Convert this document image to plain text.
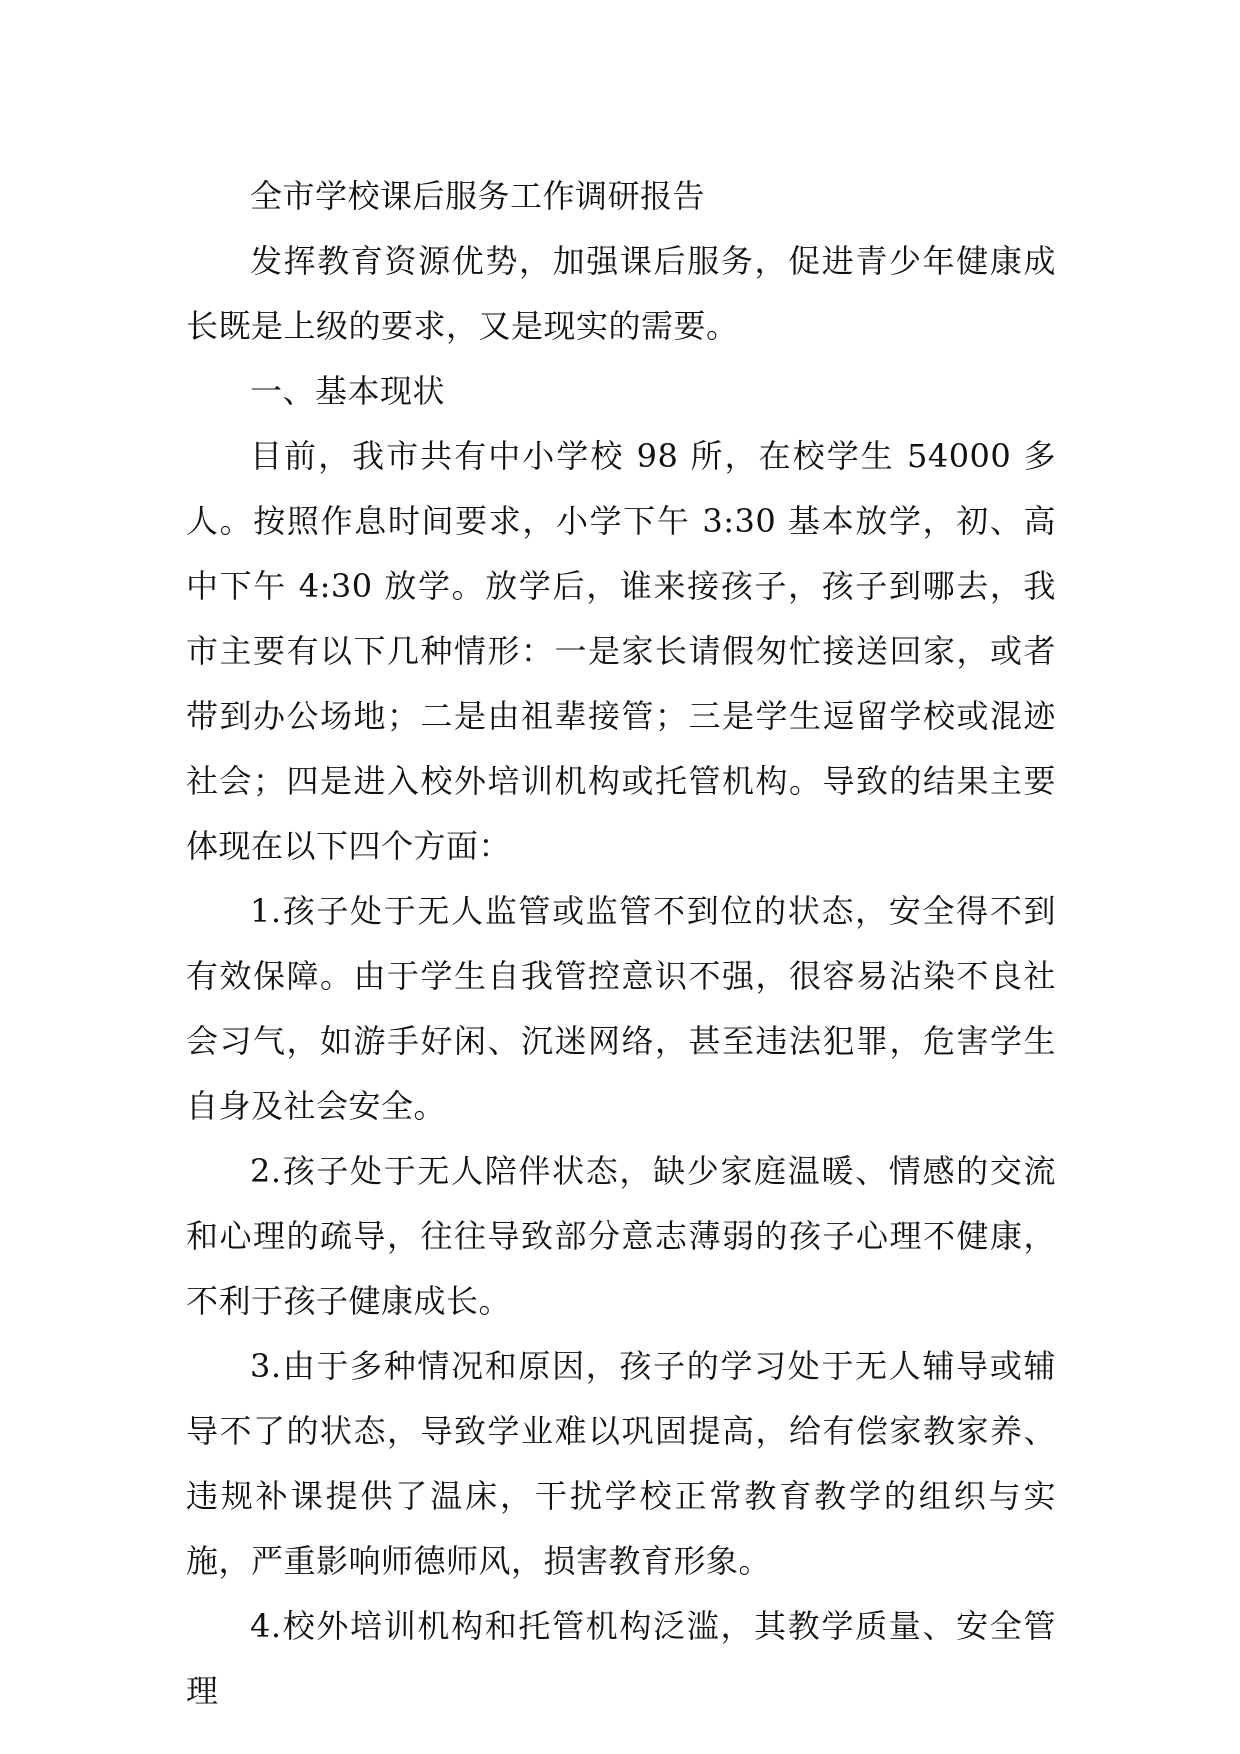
全市学校课后服务工作调研报告

发挥教育资源优势，加强课后服务，促进青少年健康成长既是上级的要求，又是现实的需要。

一、基本现状

目前，我市共有中小学校 98 所，在校学生 54000 多人。按照作息时间要求，小学下午 3:30 基本放学，初、高中下午 4:30 放学。放学后，谁来接孩子，孩子到哪去，我市主要有以下几种情形：一是家长请假匆忙接送回家，或者带到办公场地；二是由祖辈接管；三是学生逗留学校或混迹社会；四是进入校外培训机构或托管机构。导致的结果主要体现在以下四个方面：

1.孩子处于无人监管或监管不到位的状态，安全得不到有效保障。由于学生自我管控意识不强，很容易沾染不良社会习气，如游手好闲、沉迷网络，甚至违法犯罪，危害学生自身及社会安全。

2.孩子处于无人陪伴状态，缺少家庭温暖、情感的交流和心理的疏导，往往导致部分意志薄弱的孩子心理不健康，不利于孩子健康成长。

3.由于多种情况和原因，孩子的学习处于无人辅导或辅导不了的状态，导致学业难以巩固提高，给有偿家教家养、违规补课提供了温床，干扰学校正常教育教学的组织与实施，严重影响师德师风，损害教育形象。

4.校外培训机构和托管机构泛滥，其教学质量、安全管理
